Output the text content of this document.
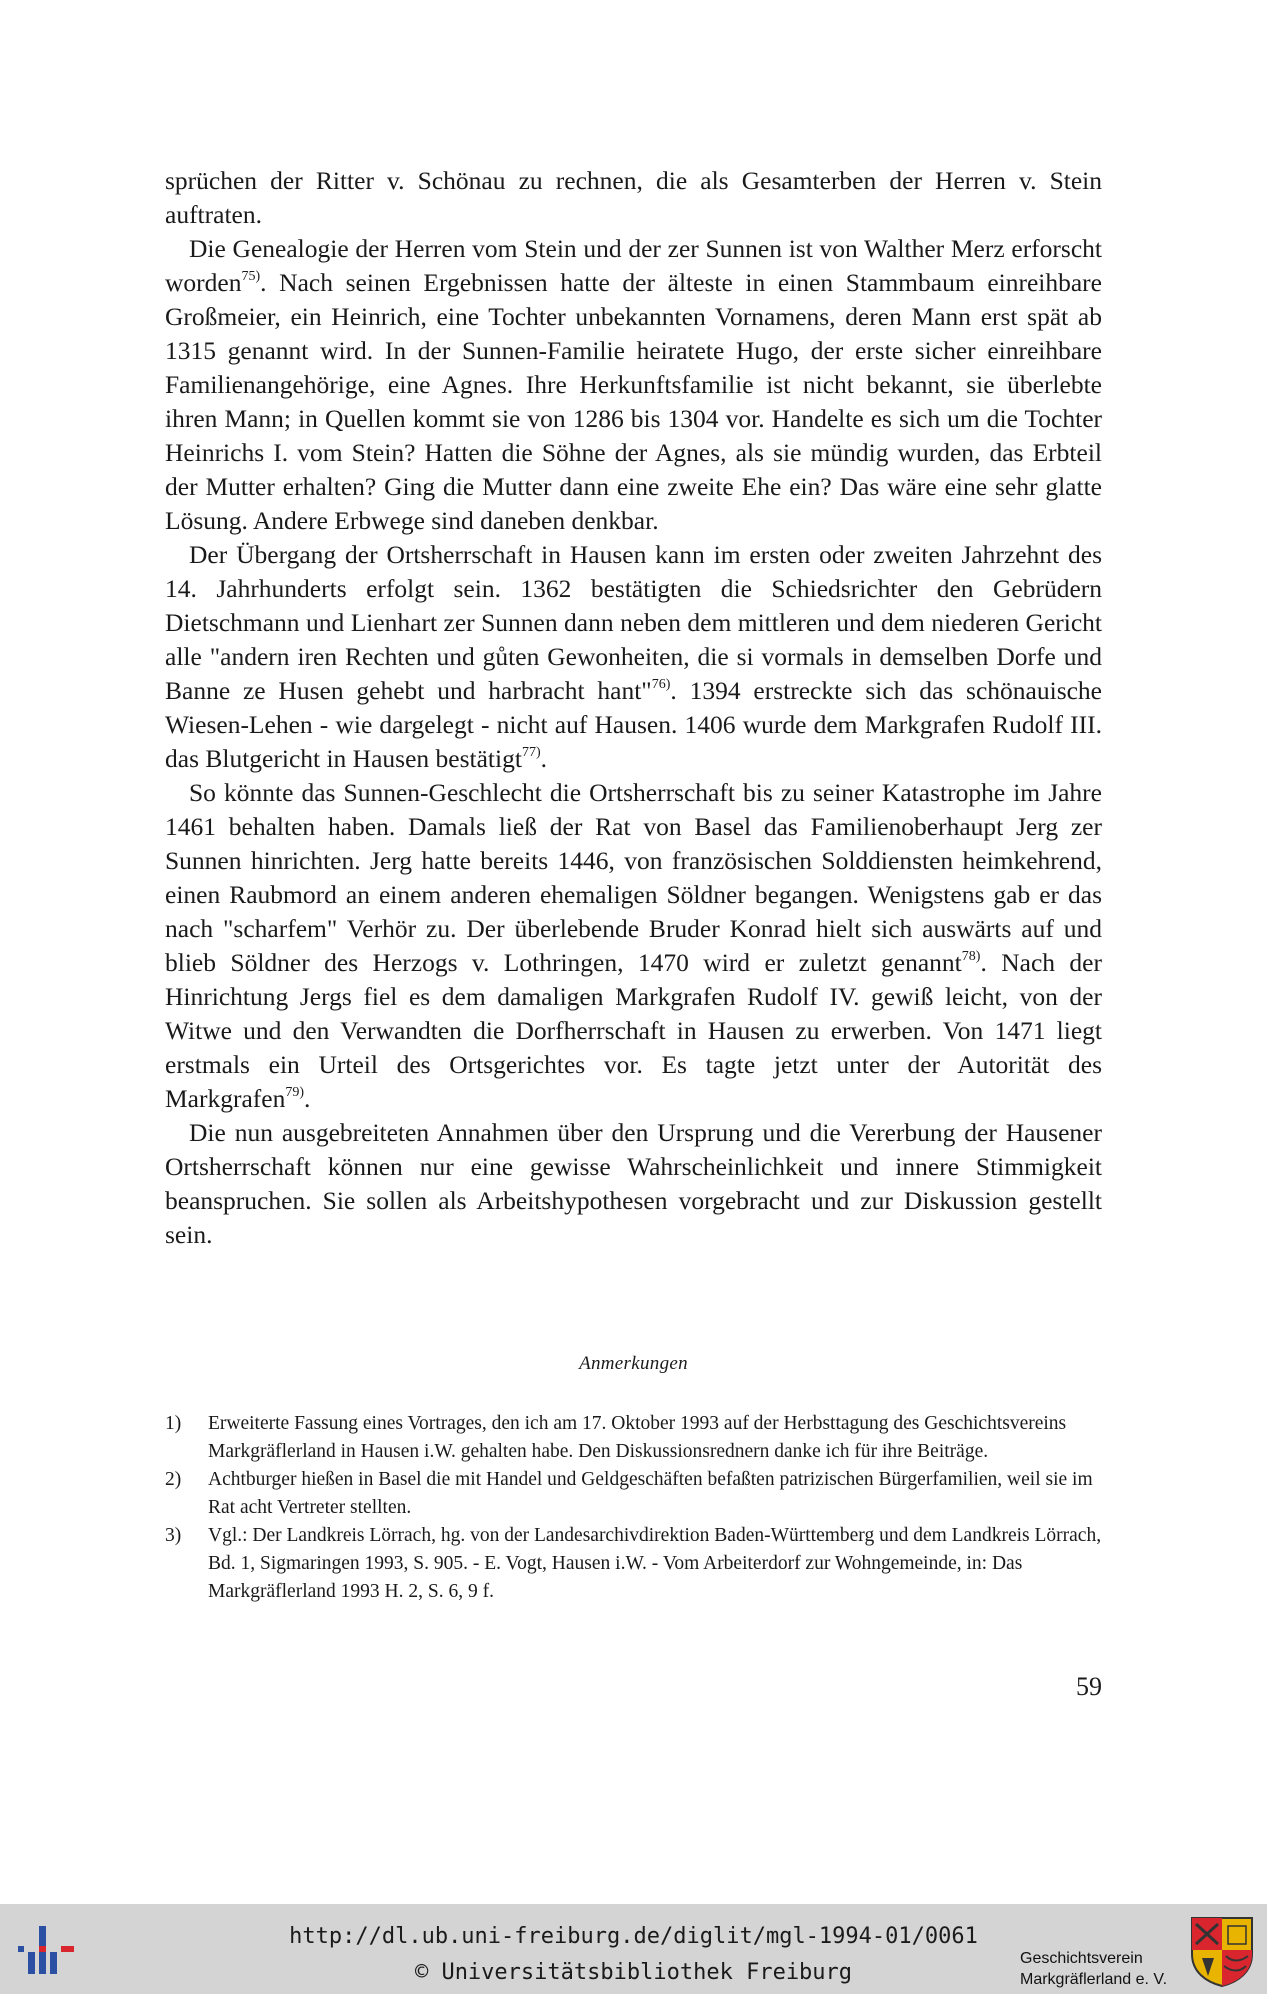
sprüchen der Ritter v. Schönau zu rechnen, die als Gesamterben der Herren v. Stein auftraten.

Die Genealogie der Herren vom Stein und der zer Sunnen ist von Walther Merz erforscht worden$^{75)}$. Nach seinen Ergebnissen hatte der älteste in einen Stammbaum einreihbare Großmeier, ein Heinrich, eine Tochter unbekannten Vornamens, deren Mann erst spät ab 1315 genannt wird. In der Sunnen-Familie heiratete Hugo, der erste sicher einreihbare Familienangehörige, eine Agnes. Ihre Herkunftsfamilie ist nicht bekannt, sie überlebte ihren Mann; in Quellen kommt sie von 1286 bis 1304 vor. Handelte es sich um die Tochter Heinrichs I. vom Stein? Hatten die Söhne der Agnes, als sie mündig wurden, das Erbteil der Mutter erhalten? Ging die Mutter dann eine zweite Ehe ein? Das wäre eine sehr glatte Lösung. Andere Erbwege sind daneben denkbar.

Der Übergang der Ortsherrschaft in Hausen kann im ersten oder zweiten Jahrzehnt des 14. Jahrhunderts erfolgt sein. 1362 bestätigten die Schiedsrichter den Gebrüdern Dietschmann und Lienhart zer Sunnen dann neben dem mittleren und dem niederen Gericht alle "andern iren Rechten und gůten Gewonheiten, die si vormals in demselben Dorfe und Banne ze Husen gehebt und harbracht hant"$^{76)}$. 1394 erstreckte sich das schönauische Wiesen-Lehen - wie dargelegt - nicht auf Hausen. 1406 wurde dem Markgrafen Rudolf III. das Blutgericht in Hausen bestätigt$^{77)}$.

So könnte das Sunnen-Geschlecht die Ortsherrschaft bis zu seiner Katastrophe im Jahre 1461 behalten haben. Damals ließ der Rat von Basel das Familienoberhaupt Jerg zer Sunnen hinrichten. Jerg hatte bereits 1446, von französischen Solddiensten heimkehrend, einen Raubmord an einem anderen ehemaligen Söldner begangen. Wenigstens gab er das nach "scharfem" Verhör zu. Der überlebende Bruder Konrad hielt sich auswärts auf und blieb Söldner des Herzogs v. Lothringen, 1470 wird er zuletzt genannt$^{78)}$. Nach der Hinrichtung Jergs fiel es dem damaligen Markgrafen Rudolf IV. gewiß leicht, von der Witwe und den Verwandten die Dorfherrschaft in Hausen zu erwerben. Von 1471 liegt erstmals ein Urteil des Ortsgerichtes vor. Es tagte jetzt unter der Autorität des Markgrafen$^{79)}$.

Die nun ausgebreiteten Annahmen über den Ursprung und die Vererbung der Hausener Ortsherrschaft können nur eine gewisse Wahrscheinlichkeit und innere Stimmigkeit beanspruchen. Sie sollen als Arbeitshypothesen vorgebracht und zur Diskussion gestellt sein.

Anmerkungen

1) Erweiterte Fassung eines Vortrages, den ich am 17. Oktober 1993 auf der Herbsttagung des Geschichtsvereins Markgräflerland in Hausen i.W. gehalten habe. Den Diskussionsrednern danke ich für ihre Beiträge.

2) Achtburger hießen in Basel die mit Handel und Geldgeschäften befaßten patrizischen Bürgerfamilien, weil sie im Rat acht Vertreter stellten.

3) Vgl.: Der Landkreis Lörrach, hg. von der Landesarchivdirektion Baden-Württemberg und dem Landkreis Lörrach, Bd. 1, Sigmaringen 1993, S. 905. - E. Vogt, Hausen i.W. - Vom Arbeiterdorf zur Wohngemeinde, in: Das Markgräflerland 1993 H. 2, S. 6, 9 f.

59
http://dl.ub.uni-freiburg.de/diglit/mgl-1994-01/0061
© Universitätsbibliothek Freiburg
Geschichtsverein
Markgräflerland e. V.
